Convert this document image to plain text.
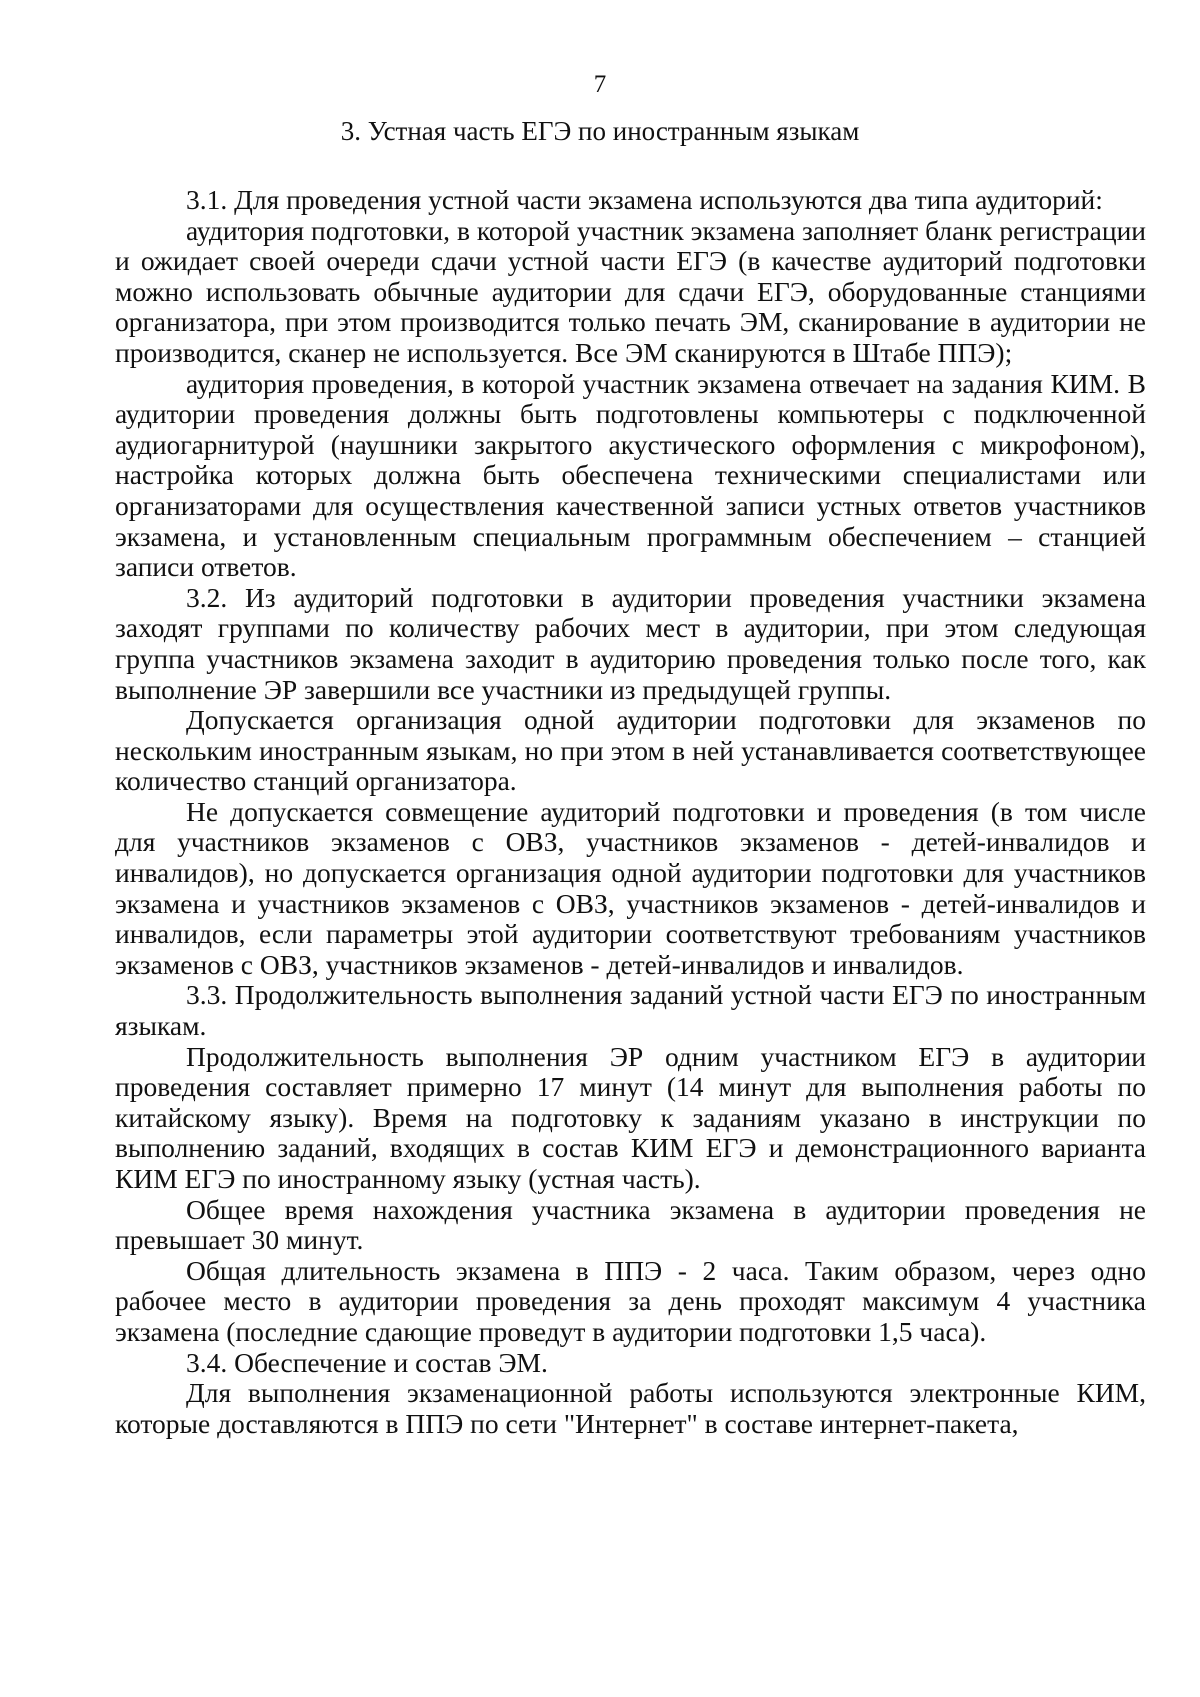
7
3. Устная часть ЕГЭ по иностранным языкам

3.1. Для проведения устной части экзамена используются два типа аудиторий:

аудитория подготовки, в которой участник экзамена заполняет бланк регистрации и ожидает своей очереди сдачи устной части ЕГЭ (в качестве аудиторий подготовки можно использовать обычные аудитории для сдачи ЕГЭ, оборудованные станциями организатора, при этом производится только печать ЭМ, сканирование в аудитории не производится, сканер не используется. Все ЭМ сканируются в Штабе ППЭ);

аудитория проведения, в которой участник экзамена отвечает на задания КИМ. В аудитории проведения должны быть подготовлены компьютеры с подключенной аудиогарнитурой (наушники закрытого акустического оформления с микрофоном), настройка которых должна быть обеспечена техническими специалистами или организаторами для осуществления качественной записи устных ответов участников экзамена, и установленным специальным программным обеспечением – станцией записи ответов.

3.2. Из аудиторий подготовки в аудитории проведения участники экзамена заходят группами по количеству рабочих мест в аудитории, при этом следующая группа участников экзамена заходит в аудиторию проведения только после того, как выполнение ЭР завершили все участники из предыдущей группы.

Допускается организация одной аудитории подготовки для экзаменов по нескольким иностранным языкам, но при этом в ней устанавливается соответствующее количество станций организатора.

Не допускается совмещение аудиторий подготовки и проведения (в том числе для участников экзаменов с ОВЗ, участников экзаменов - детей-инвалидов и инвалидов), но допускается организация одной аудитории подготовки для участников экзамена и участников экзаменов с ОВЗ, участников экзаменов - детей-инвалидов и инвалидов, если параметры этой аудитории соответствуют требованиям участников экзаменов с ОВЗ, участников экзаменов - детей-инвалидов и инвалидов.

3.3. Продолжительность выполнения заданий устной части ЕГЭ по иностранным языкам.

Продолжительность выполнения ЭР одним участником ЕГЭ в аудитории проведения составляет примерно 17 минут (14 минут для выполнения работы по китайскому языку). Время на подготовку к заданиям указано в инструкции по выполнению заданий, входящих в состав КИМ ЕГЭ и демонстрационного варианта КИМ ЕГЭ по иностранному языку (устная часть).

Общее время нахождения участника экзамена в аудитории проведения не превышает 30 минут.

Общая длительность экзамена в ППЭ - 2 часа. Таким образом, через одно рабочее место в аудитории проведения за день проходят максимум 4 участника экзамена (последние сдающие проведут в аудитории подготовки 1,5 часа).

3.4. Обеспечение и состав ЭМ.

Для выполнения экзаменационной работы используются электронные КИМ, которые доставляются в ППЭ по сети "Интернет" в составе интернет-пакета,
